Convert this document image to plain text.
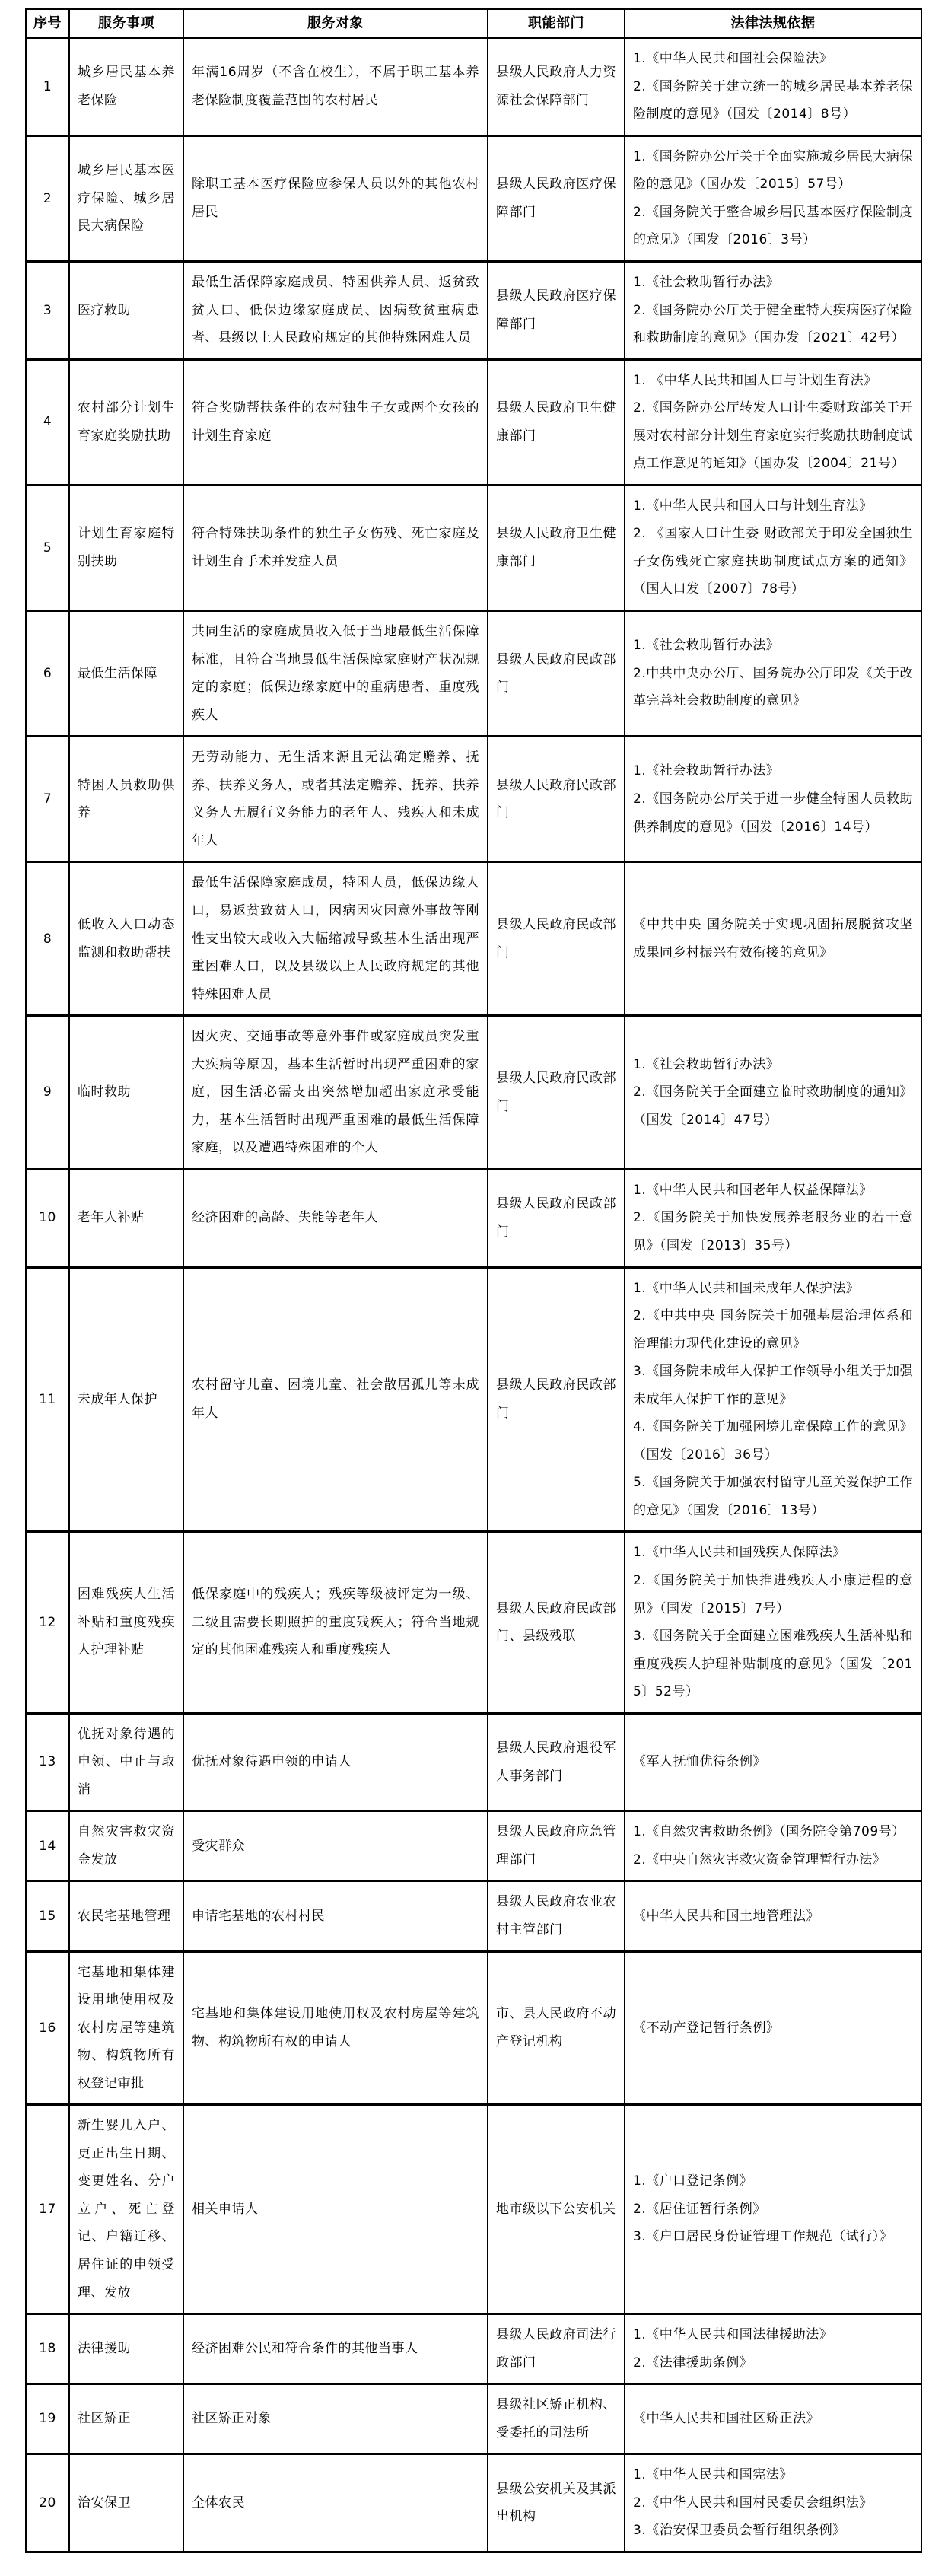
序号	服务事项	服务对象	职能部门	法律法规依据
1	城乡居民基本养老保险	年满16周岁（不含在校生），不属于职工基本养老保险制度覆盖范围的农村居民	县级人民政府人力资源社会保障部门	1.《中华人民共和国社会保险法》
2.《国务院关于建立统一的城乡居民基本养老保险制度的意见》（国发〔2014〕8号）

2	城乡居民基本医疗保险、城乡居民大病保险	除职工基本医疗保险应参保人员以外的其他农村居民	县级人民政府医疗保障部门	1.《国务院办公厅关于全面实施城乡居民大病保险的意见》（国办发〔2015〕57号）
2.《国务院关于整合城乡居民基本医疗保险制度的意见》（国发〔2016〕3号）

3	医疗救助	最低生活保障家庭成员、特困供养人员、返贫致贫人口、低保边缘家庭成员、因病致贫重病患者、县级以上人民政府规定的其他特殊困难人员	县级人民政府医疗保障部门	1.《社会救助暂行办法》
2.《国务院办公厅关于健全重特大疾病医疗保险和救助制度的意见》（国办发〔2021〕42号）

4	农村部分计划生育家庭奖励扶助	符合奖励帮扶条件的农村独生子女或两个女孩的计划生育家庭	县级人民政府卫生健康部门	1. 《中华人民共和国人口与计划生育法》
2.《国务院办公厅转发人口计生委财政部关于开展对农村部分计划生育家庭实行奖励扶助制度试点工作意见的通知》（国办发〔2004〕21号）

5	计划生育家庭特别扶助	符合特殊扶助条件的独生子女伤残、死亡家庭及计划生育手术并发症人员	县级人民政府卫生健康部门	1.《中华人民共和国人口与计划生育法》
2. 《国家人口计生委 财政部关于印发全国独生子女伤残死亡家庭扶助制度试点方案的通知》（国人口发〔2007〕78号）

6	最低生活保障	共同生活的家庭成员收入低于当地最低生活保障标准，且符合当地最低生活保障家庭财产状况规定的家庭；低保边缘家庭中的重病患者、重度残疾人	县级人民政府民政部门	1.《社会救助暂行办法》
2.中共中央办公厅、国务院办公厅印发《关于改革完善社会救助制度的意见》

7	特困人员救助供养	无劳动能力、无生活来源且无法确定赡养、抚养、扶养义务人，或者其法定赡养、抚养、扶养义务人无履行义务能力的老年人、残疾人和未成年人	县级人民政府民政部门	1.《社会救助暂行办法》
2.《国务院办公厅关于进一步健全特困人员救助供养制度的意见》（国发〔2016〕14号）

8	低收入人口动态监测和救助帮扶	最低生活保障家庭成员，特困人员，低保边缘人口，易返贫致贫人口，因病因灾因意外事故等刚性支出较大或收入大幅缩减导致基本生活出现严重困难人口，以及县级以上人民政府规定的其他特殊困难人员	县级人民政府民政部门	《中共中央 国务院关于实现巩固拓展脱贫攻坚成果同乡村振兴有效衔接的意见》

9	临时救助	因火灾、交通事故等意外事件或家庭成员突发重大疾病等原因，基本生活暂时出现严重困难的家庭，因生活必需支出突然增加超出家庭承受能力，基本生活暂时出现严重困难的最低生活保障家庭，以及遭遇特殊困难的个人	县级人民政府民政部门	1.《社会救助暂行办法》
2.《国务院关于全面建立临时救助制度的通知》（国发〔2014〕47号）

10	老年人补贴	经济困难的高龄、失能等老年人	县级人民政府民政部门	1.《中华人民共和国老年人权益保障法》
2.《国务院关于加快发展养老服务业的若干意见》（国发〔2013〕35号）

11	未成年人保护	农村留守儿童、困境儿童、社会散居孤儿等未成年人	县级人民政府民政部门	1.《中华人民共和国未成年人保护法》
2.《中共中央 国务院关于加强基层治理体系和治理能力现代化建设的意见》
3.《国务院未成年人保护工作领导小组关于加强未成年人保护工作的意见》
4.《国务院关于加强困境儿童保障工作的意见》（国发〔2016〕36号）
5.《国务院关于加强农村留守儿童关爱保护工作的意见》（国发〔2016〕13号）

12	困难残疾人生活补贴和重度残疾人护理补贴	低保家庭中的残疾人；残疾等级被评定为一级、二级且需要长期照护的重度残疾人；符合当地规定的其他困难残疾人和重度残疾人	县级人民政府民政部门、县级残联	1.《中华人民共和国残疾人保障法》
2.《国务院关于加快推进残疾人小康进程的意见》（国发〔2015〕7号）
3.《国务院关于全面建立困难残疾人生活补贴和重度残疾人护理补贴制度的意见》（国发〔2015〕52号）

13	优抚对象待遇的申领、中止与取消	优抚对象待遇申领的申请人	县级人民政府退役军人事务部门	《军人抚恤优待条例》

14	自然灾害救灾资金发放	受灾群众	县级人民政府应急管理部门	1.《自然灾害救助条例》（国务院令第709号）
2.《中央自然灾害救灾资金管理暂行办法》

15	农民宅基地管理	申请宅基地的农村村民	县级人民政府农业农村主管部门	《中华人民共和国土地管理法》

16	宅基地和集体建设用地使用权及农村房屋等建筑物、构筑物所有权登记审批	宅基地和集体建设用地使用权及农村房屋等建筑物、构筑物所有权的申请人	市、县人民政府不动产登记机构	《不动产登记暂行条例》

17	新生婴儿入户、更正出生日期、变更姓名、分户立户、死亡登记、户籍迁移、居住证的申领受理、发放	相关申请人	地市级以下公安机关	1.《户口登记条例》
2.《居住证暂行条例》
3.《户口居民身份证管理工作规范（试行）》

18	法律援助	经济困难公民和符合条件的其他当事人	县级人民政府司法行政部门	1.《中华人民共和国法律援助法》
2.《法律援助条例》

19	社区矫正	社区矫正对象	县级社区矫正机构、受委托的司法所	《中华人民共和国社区矫正法》

20	治安保卫	全体农民	县级公安机关及其派出机构	1.《中华人民共和国宪法》
2.《中华人民共和国村民委员会组织法》
3.《治安保卫委员会暂行组织条例》
